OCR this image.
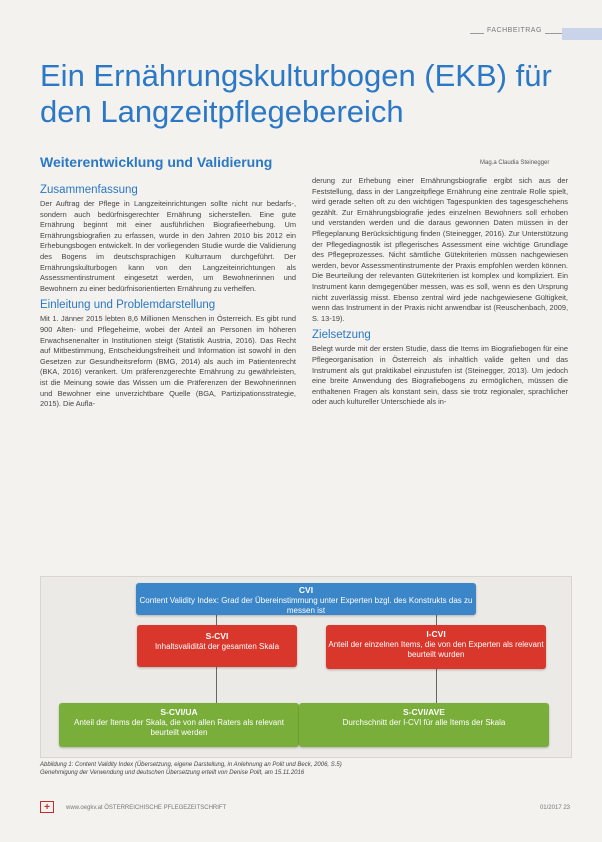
FACHBEITRAG
Ein Ernährungskulturbogen (EKB) für den Langzeitpflegebereich
Weiterentwicklung und Validierung	Mag.a Claudia Steinegger
Zusammenfassung

Der Auftrag der Pflege in Langzeiteinrichtungen sollte nicht nur bedarfs-, sondern auch bedürfnisgerechter Ernährung sicherstellen. Eine gute Ernährung beginnt mit einer ausführlichen Biografieerhebung. Um Ernährungsbiografien zu erfassen, wurde in den Jahren 2010 bis 2012 ein Erhebungsbogen entwickelt. In der vorliegenden Studie wurde die Validierung des Bogens im deutschsprachigen Kulturraum durchgeführt. Der Ernährungskulturbogen kann von den Langzeiteinrichtungen als Assessmentinstrument eingesetzt werden, um Bewohnerinnen und Bewohnern zu einer bedürfnisorientierten Ernährung zu verhelfen.

Einleitung und Problemdarstellung

Mit 1. Jänner 2015 lebten 8,6 Millionen Menschen in Österreich. Es gibt rund 900 Alten- und Pflegeheime, wobei der Anteil an Personen im höheren Erwachsenenalter in Institutionen steigt (Statistik Austria, 2016). Das Recht auf Mitbestimmung, Entscheidungsfreiheit und Information ist sowohl in den Gesetzen zur Gesundheitsreform (BMG, 2014) als auch im Patientenrecht (BKA, 2016) verankert. Um präferenzgerechte Ernährung zu gewährleisten, ist die Meinung sowie das Wissen um die Präferenzen der Bewohnerinnen und Bewohner eine unverzichtbare Quelle (BGA, Partizipationsstrategie, 2015). Die Aufla-

derung zur Erhebung einer Ernährungsbiografie ergibt sich aus der Feststellung, dass in der Langzeitpflege Ernährung eine zentrale Rolle spielt, wird gerade selten oft zu den wichtigen Tagespunkten des tagesgeschehens gezählt. Zur Ernährungsbiografie jedes einzelnen Bewohners soll erhoben und verstanden werden und die daraus gewonnen Daten müssen in der Pflegeplanung Berücksichtigung finden (Steinegger, 2016). Zur Unterstützung der Pflegediagnostik ist pflegerisches Assessment eine wichtige Grundlage des Pflegeprozesses. Nicht sämtliche Gütekriterien müssen nachgewiesen werden, bevor Assessmentinstrumente der Praxis empfohlen werden können. Die Beurteilung der relevanten Gütekriterien ist komplex und kompliziert. Ein Instrument kann demgegenüber messen, was es soll, wenn es den Ursprung nicht zuverlässig misst. Ebenso zentral wird jede nachgewiesene Gültigkeit, wenn das Instrument in der Praxis nicht anwendbar ist (Reuschenbach, 2009, S. 13-19).

Zielsetzung

Belegt wurde mit der ersten Studie, dass die Items im Biografiebogen für eine Pflegeorganisation in Österreich als inhaltlich valide gelten und das Instrument als gut praktikabel einzustufen ist (Steinegger, 2013). Um jedoch eine breite Anwendung des Biografiebogens zu ermöglichen, müssen die enthaltenen Fragen als konstant sein, dass sie trotz regionaler, sprachlicher oder auch kultureller Unterschiede als in-

CVI
Content Validity Index: Grad der Übereinstimmung unter Experten bzgl. des Konstrukts das zu messen ist
S-CVI
Inhaltsvalidität der gesamten Skala
I-CVI
Anteil der einzelnen Items, die von den Experten als relevant beurteilt wurden
S-CVI/UA
Anteil der Items der Skala, die von allen Raters als relevant beurteilt werden
S-CVI/AVE
Durchschnitt der I-CVI für alle Items der Skala
Abbildung 1: Content Validity Index (Übersetzung, eigene Darstellung, in Anlehnung an Polit und Beck, 2006, S.5)
Genehmigung der Verwendung und deutschen Übersetzung erteilt von Denise Polit, am 15.11.2016
+	www.oegkv.at ÖSTERREICHISCHE PFLEGEZEITSCHRIFT	01/2017 23
